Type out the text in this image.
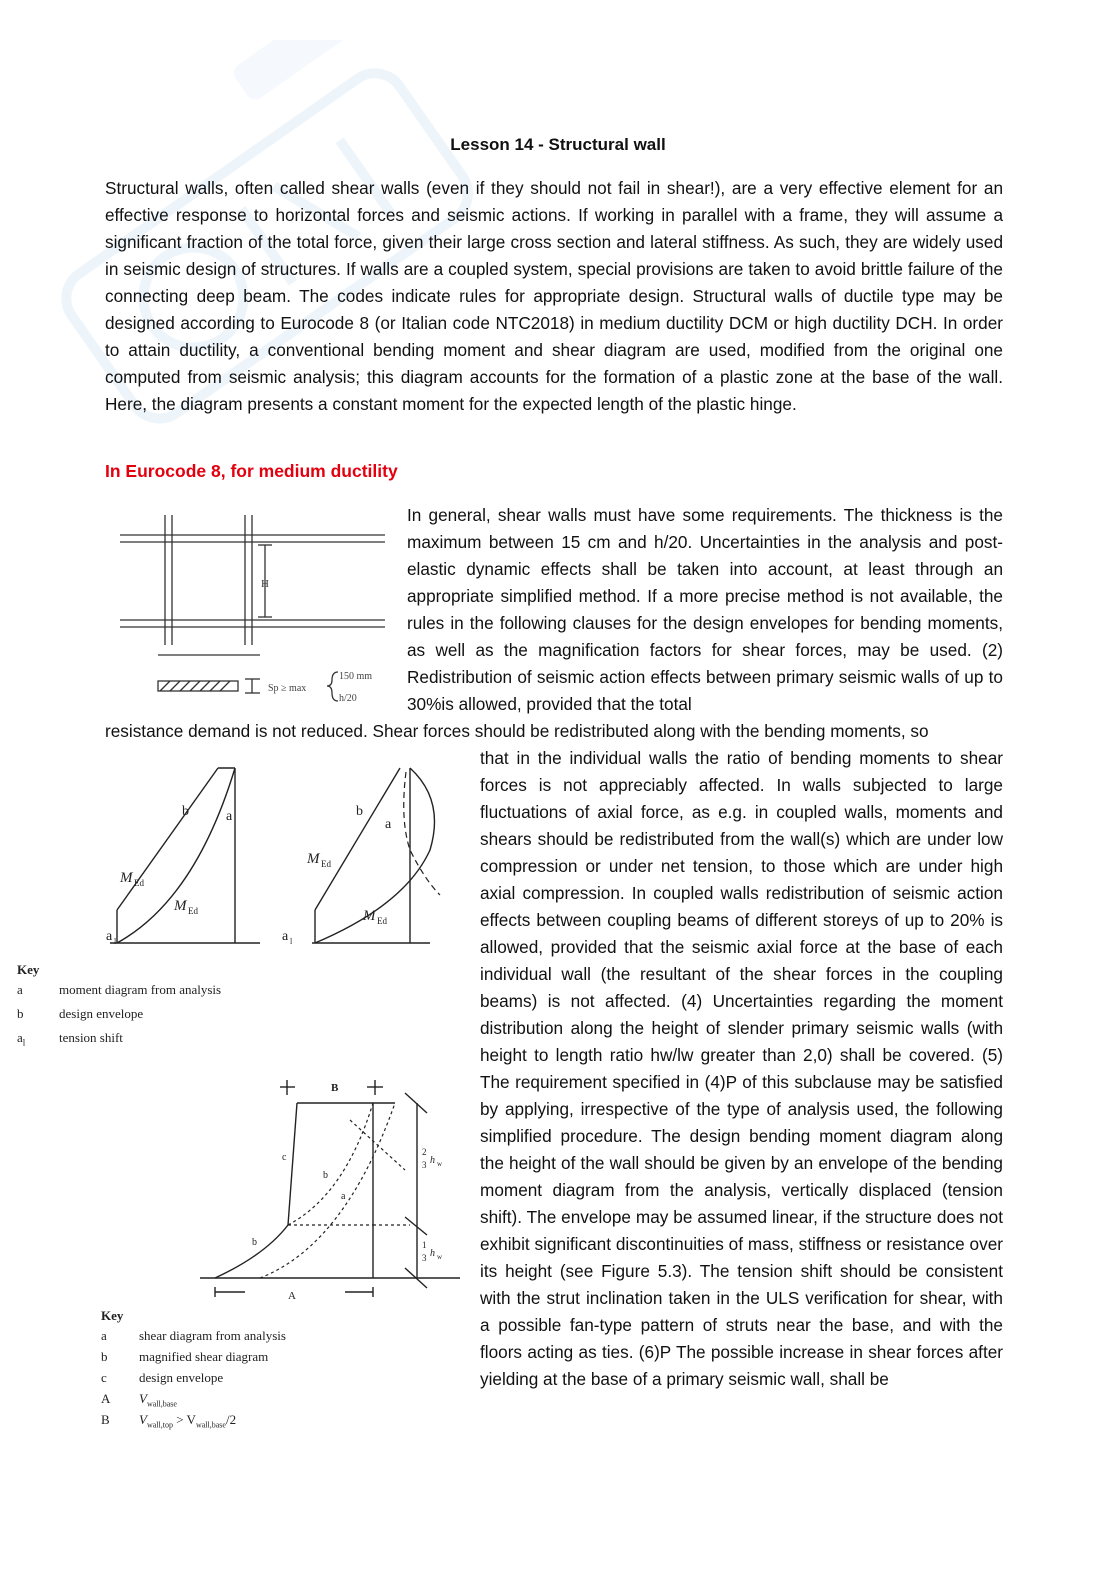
Lesson 14 - Structural wall
Structural walls, often called shear walls (even if they should not fail in shear!), are a very effective element for an effective response to horizontal forces and seismic actions. If working in parallel with a frame, they will assume a significant fraction of the total force, given their large cross section and lateral stiffness. As such, they are widely used in seismic design of structures. If walls are a coupled system, special provisions are taken to avoid brittle failure of the connecting deep beam. The codes indicate rules for appropriate design. Structural walls of ductile type may be designed according to Eurocode 8 (or Italian code NTC2018) in medium ductility DCM or high ductility DCH. In order to attain ductility, a conventional bending moment and shear diagram are used, modified from the original one computed from seismic analysis; this diagram accounts for the formation of a plastic zone at the base of the wall. Here, the diagram presents a constant moment for the expected length of the plastic hinge.
In Eurocode 8, for medium ductility
H
Sp ≥ max
150 mm
h/20
In general, shear walls must have some requirements. The thickness is the maximum between 15 cm and h/20. Uncertainties in the analysis and post-elastic dynamic effects shall be taken into account, at least through an appropriate simplified method. If a more precise method is not available, the rules in the following clauses for the design envelopes for bending moments, as well as the magnification factors for shear forces, may be used. (2) Redistribution of seismic action effects between primary seismic walls of up to 30%is allowed, provided that the total
resistance demand is not reduced. Shear forces should be redistributed along with the bending moments, so
that in the individual walls the ratio of bending moments to shear forces is not appreciably affected. In walls subjected to large fluctuations of axial force, as e.g. in coupled walls, moments and shears should be redistributed from the wall(s) which are under low compression or under net tension, to those which are under high axial compression. In coupled walls redistribution of seismic action effects between coupling beams of different storeys of up to 20% is allowed, provided that the seismic axial force at the base of each individual wall (the resultant of the shear forces in the coupling beams) is not affected. (4) Uncertainties regarding the moment distribution along the height of slender primary seismic walls (with height to length ratio hw/lw greater than 2,0) shall be covered. (5) The requirement specified in (4)P of this subclause may be satisfied by applying, irrespective of the type of analysis used, the following simplified procedure. The design bending moment diagram along the height of the wall should be given by an envelope of the bending moment diagram from the analysis, vertically displaced (tension shift). The envelope may be assumed linear, if the structure does not exhibit significant discontinuities of mass, stiffness or resistance over its height (see Figure 5.3). The tension shift should be consistent with the strut inclination taken in the ULS verification for shear, with a possible fan-type pattern of struts near the base, and with the floors acting as ties. (6)P The possible increase in shear forces after yielding at the base of a primary seismic wall, shall be
b	a
M Ed
M Ed
a l
b
a
M Ed
M Ed
a l
Key
a	moment diagram from analysis
b	design envelope
$a_l$	tension shift
B
A
c
b
a
b
2
3 h w
1
3 h w
Key
a shear diagram from analysis
b magnified shear diagram
c design envelope
A $V_{wall,base}$
B $V_{wall,top} > V_{wall,base}/2$
